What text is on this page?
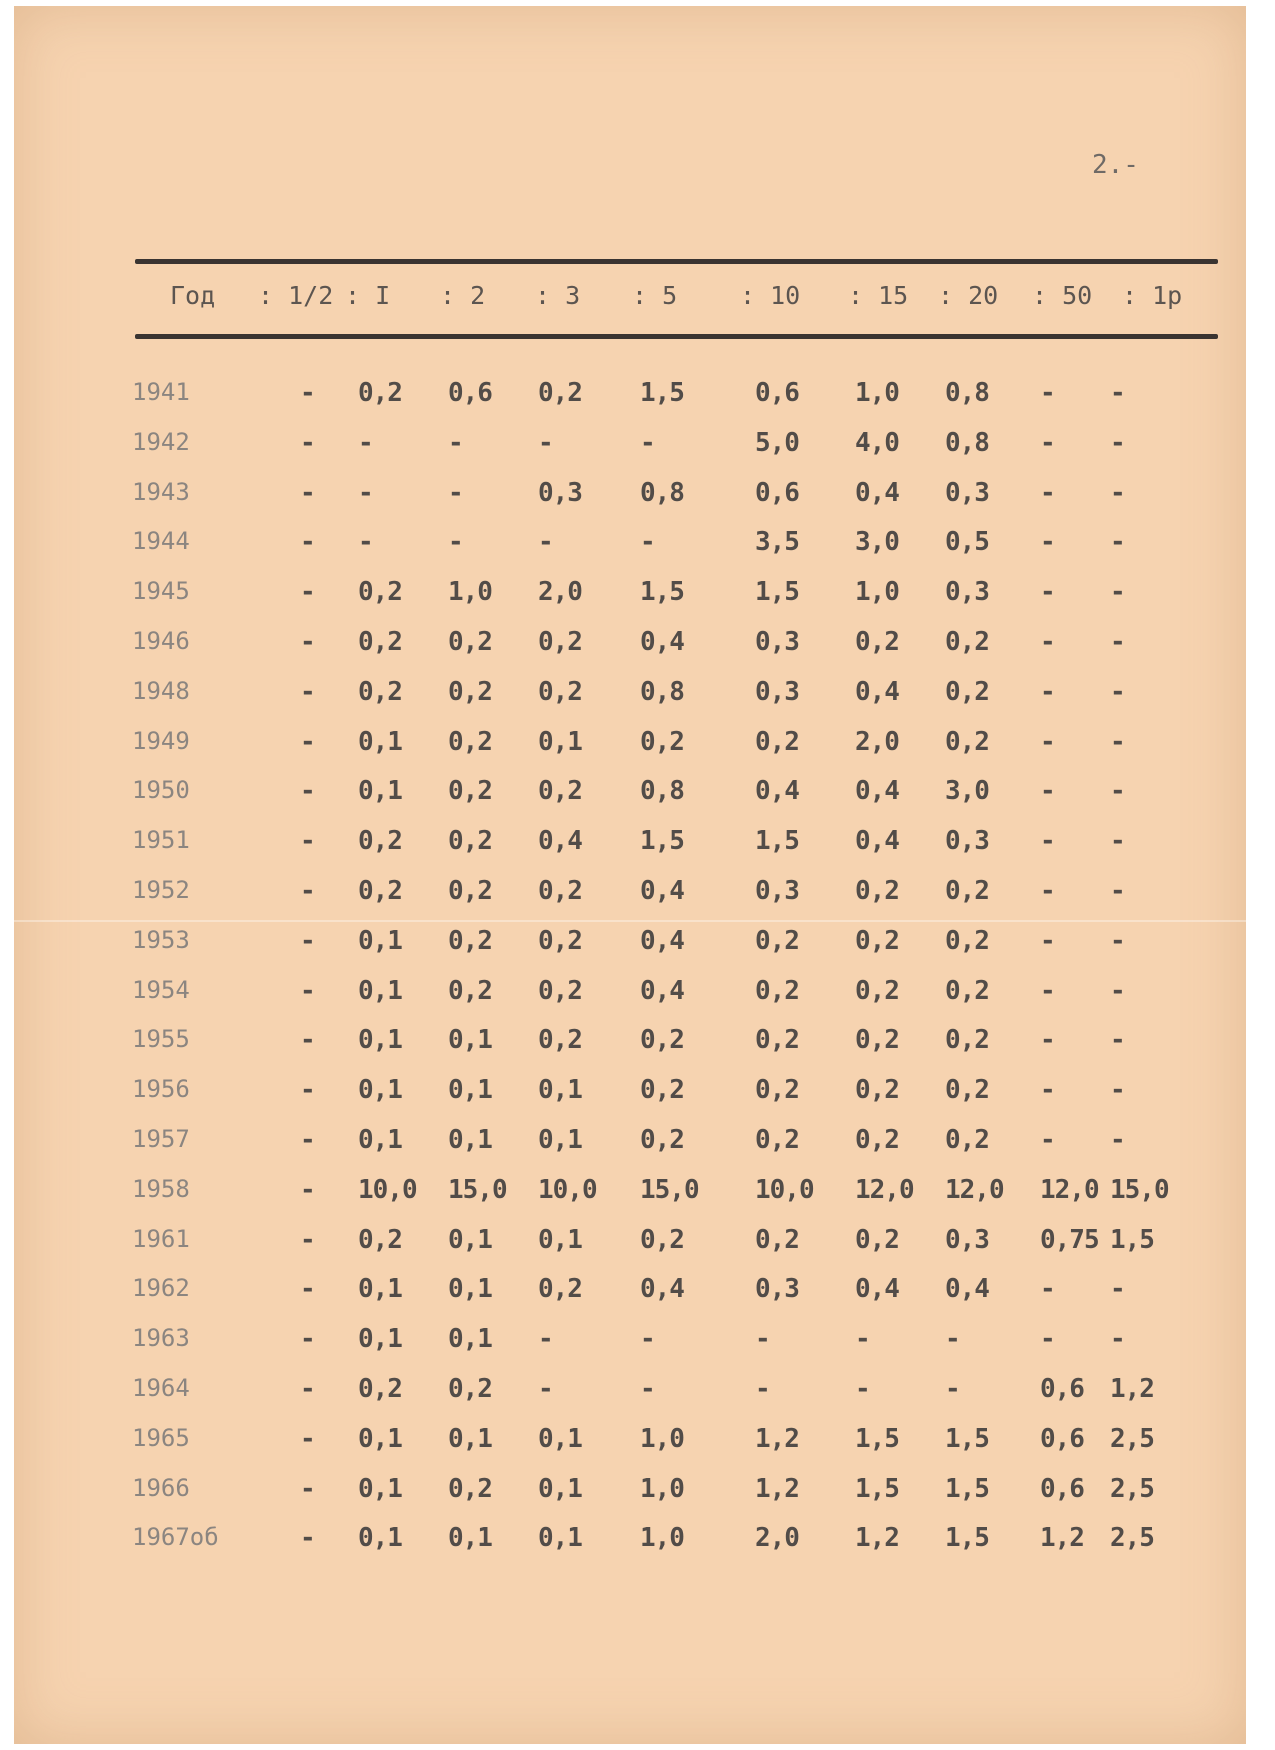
2.-
Год : 1/2 : I : 2 : 3 : 5	: 10 : 15 : 20 : 50 : 1р
1941	- 0,2 0,6 0,2 1,5	0,6 1,0 0,8 - -
1942	- -	-	-	-	5,0 4,0 0,8 - -
1943	- -	-	0,3 0,8	0,6 0,4 0,3 - -
1944	- -	-	-	-	3,5 3,0 0,5 - -
1945	- 0,2 1,0 2,0 1,5	1,5 1,0 0,3 - -
1946	- 0,2 0,2 0,2 0,4	0,3 0,2 0,2 - -
1948	- 0,2 0,2 0,2 0,8	0,3 0,4 0,2 - -
1949	- 0,1 0,2 0,1 0,2	0,2 2,0 0,2 - -
1950	- 0,1 0,2 0,2 0,8	0,4 0,4 3,0 - -
1951	- 0,2 0,2 0,4 1,5	1,5 0,4 0,3 - -
1952	- 0,2 0,2 0,2 0,4	0,3 0,2 0,2 - -
1953	- 0,1 0,2 0,2 0,4	0,2 0,2 0,2 - -
1954	- 0,1 0,2 0,2 0,4	0,2 0,2 0,2 - -
1955	- 0,1 0,1 0,2 0,2	0,2 0,2 0,2 - -
1956	- 0,1 0,1 0,1 0,2	0,2 0,2 0,2 - -
1957	- 0,1 0,1 0,1 0,2	0,2 0,2 0,2 - -
1958	- 10,0 15,0 10,0 15,0 10,0 12,0 12,0 12,0 15,0
1961	- 0,2 0,1 0,1 0,2	0,2 0,2 0,3 0,75 1,5
1962	- 0,1 0,1 0,2 0,4	0,3 0,4 0,4 - -
1963	- 0,1 0,1 -	-	-	-	-	- -
1964	- 0,2 0,2 -	-	-	-	-	0,6 1,2
1965	- 0,1 0,1 0,1 1,0	1,2 1,5 1,5 0,6 2,5
1966	- 0,1 0,2 0,1 1,0	1,2 1,5 1,5 0,6 2,5
1967об	- 0,1 0,1 0,1 1,0	2,0 1,2 1,5 1,2 2,5
